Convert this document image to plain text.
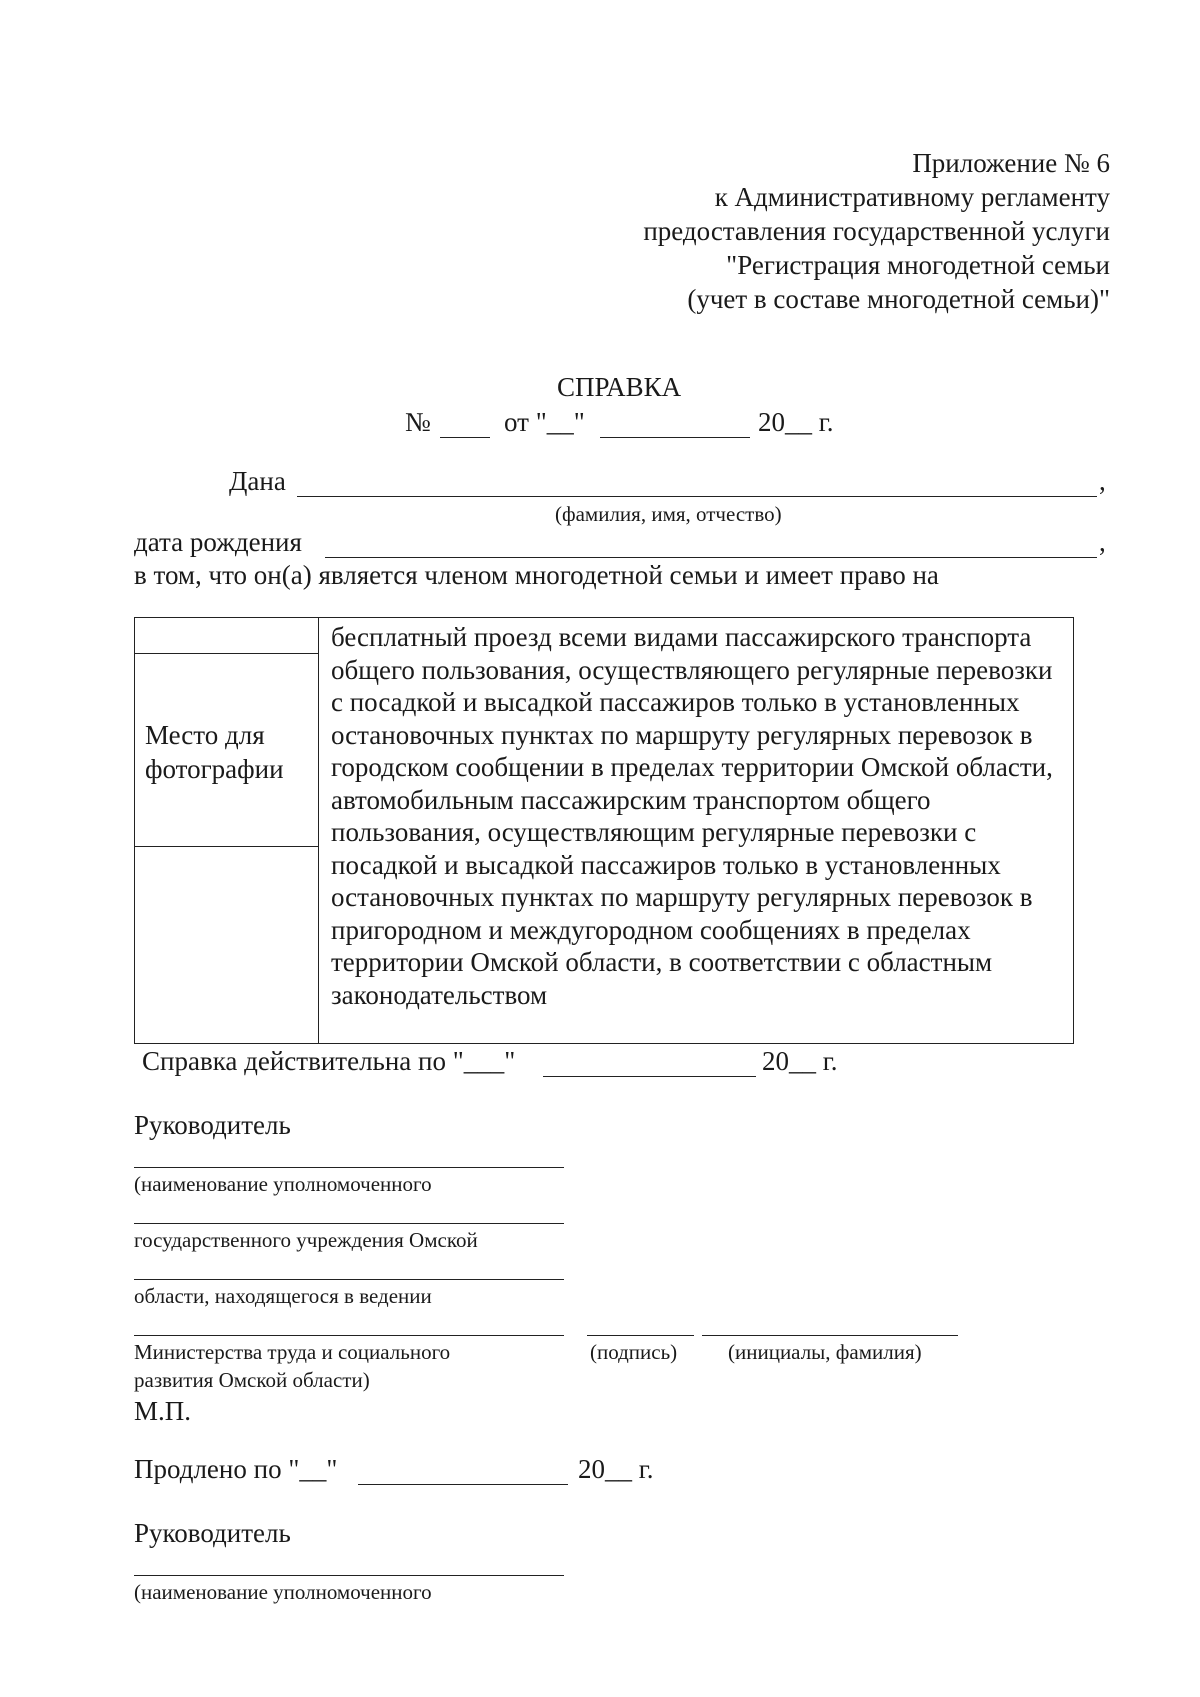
Приложение № 6
к Административному регламенту
предоставления государственной услуги
"Регистрация многодетной семьи
(учет в составе многодетной семьи)"
СПРАВКА
№	от "__"	20__ г.
Дана	,
(фамилия, имя, отчество)
дата рождения	,
в том, что он(а) является членом многодетной семьи и имеет право на
Место для
фотографии

бесплатный проезд всеми видами пассажирского транспорта общего пользования, осуществляющего регулярные перевозки с посадкой и высадкой пассажиров только в установленных остановочных пунктах по маршруту регулярных перевозок в городском сообщении в пределах территории Омской области, автомобильным пассажирским транспортом общего пользования, осуществляющим регулярные перевозки с посадкой и высадкой пассажиров только в установленных остановочных пунктах по маршруту регулярных перевозок в пригородном и междугородном сообщениях в пределах территории Омской области, в соответствии с областным законодательством
Справка действительна по "___"	20__ г.
Руководитель
(наименование уполномоченного
государственного учреждения Омской
области, находящегося в ведении
Министерства труда и социального	(подпись) (инициалы, фамилия)
развития Омской области)
М.П.
Продлено по "__"	20__ г.
Руководитель
(наименование уполномоченного
